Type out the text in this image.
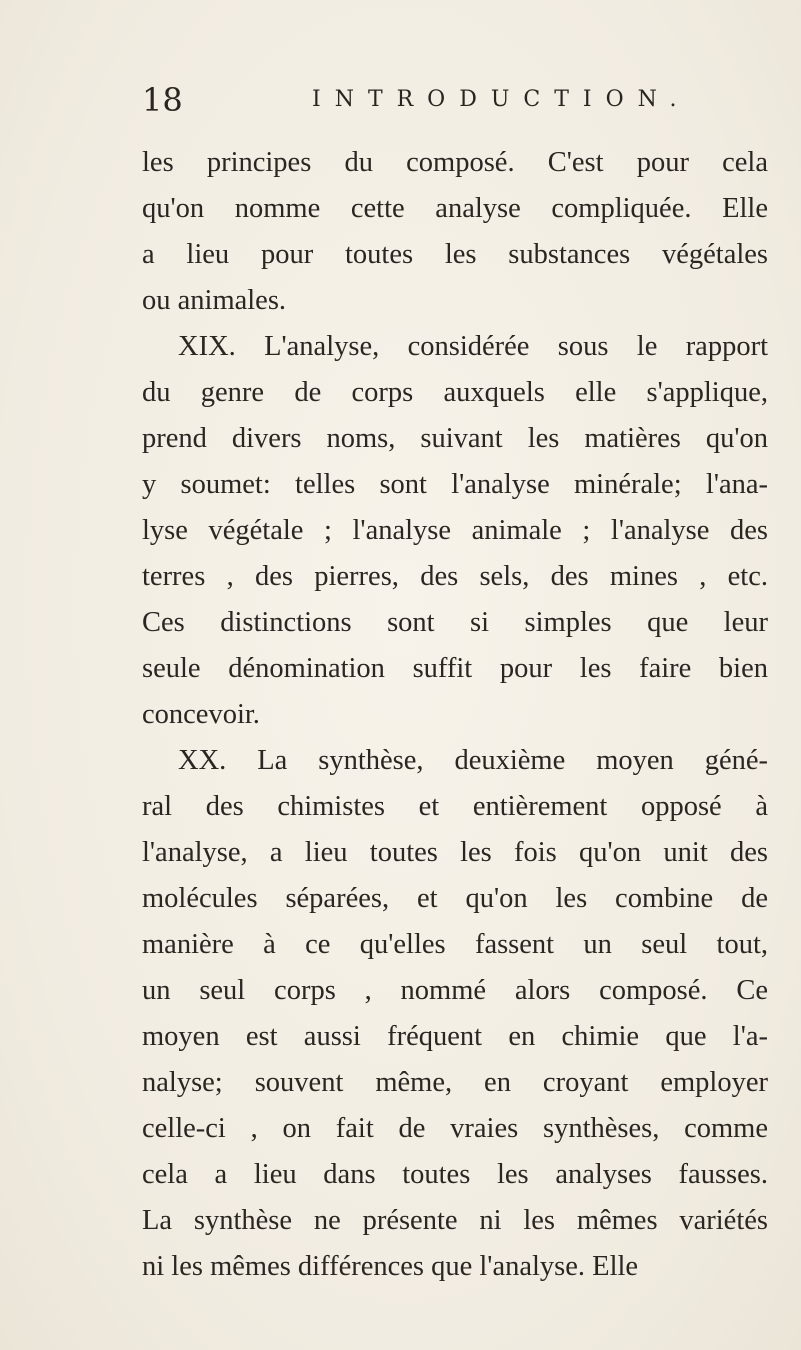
18	INTRODUCTION.
les principes du composé. C'est pour cela
qu'on nomme cette analyse compliquée. Elle
a lieu pour toutes les substances végétales
ou animales.
XIX. L'analyse, considérée sous le rapport
du genre de corps auxquels elle s'applique,
prend divers noms, suivant les matières qu'on
y soumet: telles sont l'analyse minérale; l'ana-
lyse végétale ; l'analyse animale ; l'analyse des
terres , des pierres, des sels, des mines , etc.
Ces distinctions sont si simples que leur
seule dénomination suffit pour les faire bien
concevoir.
XX. La synthèse, deuxième moyen géné-
ral des chimistes et entièrement opposé à
l'analyse, a lieu toutes les fois qu'on unit des
molécules séparées, et qu'on les combine de
manière à ce qu'elles fassent un seul tout,
un seul corps , nommé alors composé. Ce
moyen est aussi fréquent en chimie que l'a-
nalyse; souvent même, en croyant employer
celle-ci , on fait de vraies synthèses, comme
cela a lieu dans toutes les analyses fausses.
La synthèse ne présente ni les mêmes variétés
ni les mêmes différences que l'analyse. Elle
